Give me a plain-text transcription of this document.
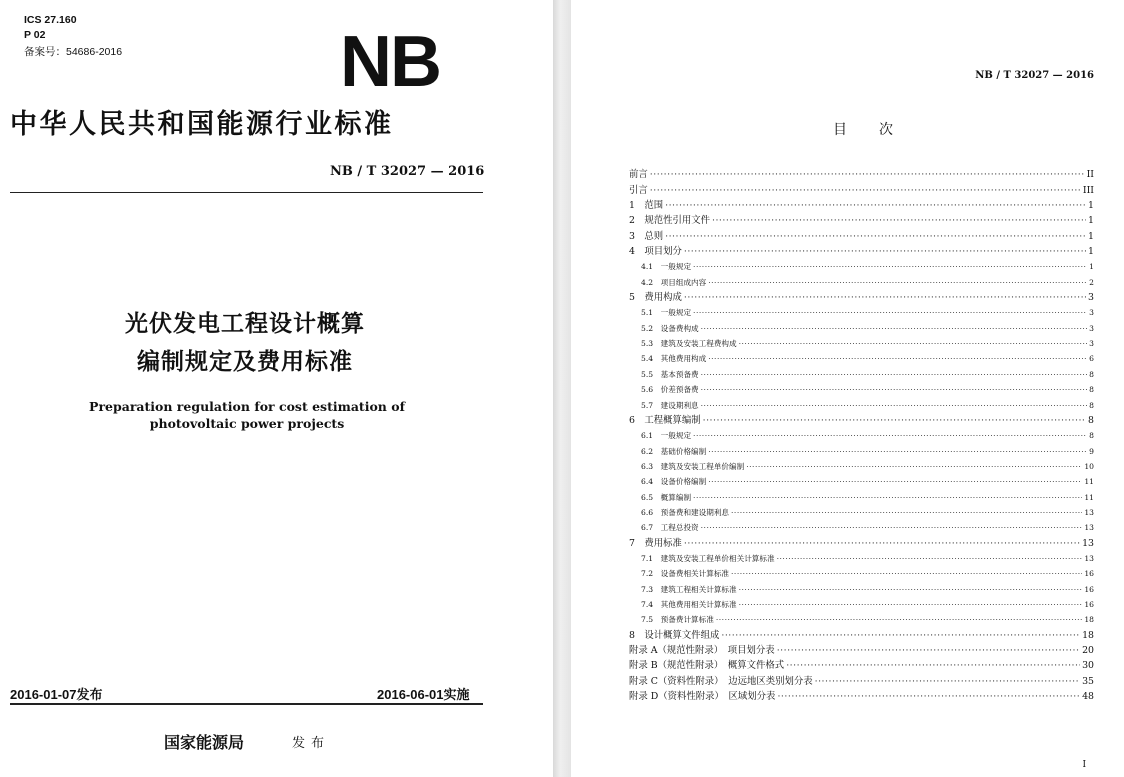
ICS 27.160
P 02
备案号：54686-2016	NB
中华人民共和国能源行业标准
NB / T 32027 — 2016
光伏发电工程设计概算
编制规定及费用标准
Preparation regulation for cost estimation of
photovoltaic power projects
2016-01-07发布	2016-06-01实施
国家能源局	发布
NB / T 32027 — 2016
目次
前言 ·····	II
引言 ·····	III
1　范围 ·····	1
2　规范性引用文件 ·····	1
3　总则 ·····	1
4　项目划分 ·····	1
4.1　一般规定 ·····	1
4.2　项目组成内容 ·····	2
5　费用构成 ·····	3
5.1　一般规定 ·····	3
5.2　设备费构成 ·····	3
5.3　建筑及安装工程费构成 ·····	3
5.4　其他费用构成 ·····	6
5.5　基本预备费 ·····	8
5.6　价差预备费 ·····	8
5.7　建设期利息 ·····	8
6　工程概算编制 ·····	8
6.1　一般规定 ·····	8
6.2　基础价格编制 ·····	9
6.3　建筑及安装工程单价编制 ·····	10
6.4　设备价格编制 ·····	11
6.5　概算编制 ·····	11
6.6　预备费和建设期利息 ·····	13
6.7　工程总投资 ·····	13
7　费用标准 ·····	13
7.1　建筑及安装工程单价相关计算标准 ·····	13
7.2　设备费相关计算标准 ·····	16
7.3　建筑工程相关计算标准 ·····	16
7.4　其他费用相关计算标准 ·····	16
7.5　预备费计算标准 ·····	18
8　设计概算文件组成 ·····	18
附录 A（规范性附录）　项目划分表 ·····	20
附录 B（规范性附录）　概算文件格式 ·····	30
附录 C（资料性附录）　边远地区类别划分表 ·····	35
附录 D（资料性附录）　区域划分表 ·····	48
I
